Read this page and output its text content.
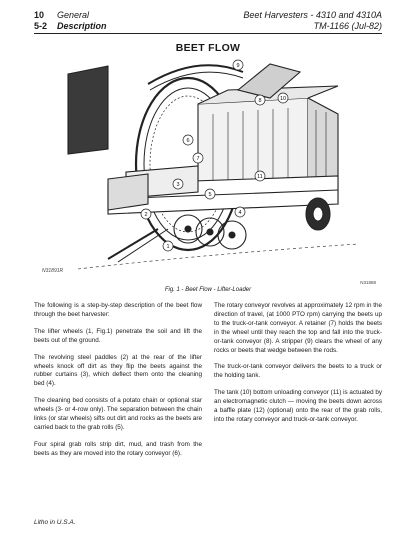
10
5-2
General
Description
Beet Harvesters - 4310 and 4310A
TM-1166 (Jul-82)
BEET FLOW
9
8	10
6
7
11
3
5
4
2
1
N31891R
N31888
Fig. 1 - Beet Flow - Lifter-Loader

The following is a step-by-step description of the beet flow through the beet harvester:

The lifter wheels (1, Fig.1) penetrate the soil and lift the beets out of the ground.

The revolving steel paddles (2) at the rear of the lifter wheels knock off dirt as they flip the beets against the rubber curtains (3), which deflect them onto the cleaning bed (4).

The cleaning bed consists of a potato chain or optional star wheels (3- or 4-row only). The separation between the chain links (or star wheels) sifts out dirt and rocks as the beets are carried back to the grab rolls (5).

Four spiral grab rolls strip dirt, mud, and trash from the beets as they are moved into the rotary conveyor (6).

The rotary conveyor revolves at approximately 12 rpm in the direction of travel, (at 1000 PTO rpm) carrying the beets up to the truck-or-tank conveyor. A retainer (7) holds the beets in the wheel until they reach the top and fall into the truck-or-tank conveyor (8). A stripper (9) clears the wheel of any rocks or beets that wedge between the rods.

The truck-or-tank conveyor delivers the beets to a truck or the holding tank.

The tank (10) bottom unloading conveyor (11) is actuated by an electromagnetic clutch — moving the beets down across a baffle plate (12) (optional) onto the rear of the grab rolls, into the rotary conveyor and truck-or-tank conveyor.

Litho in U.S.A.
